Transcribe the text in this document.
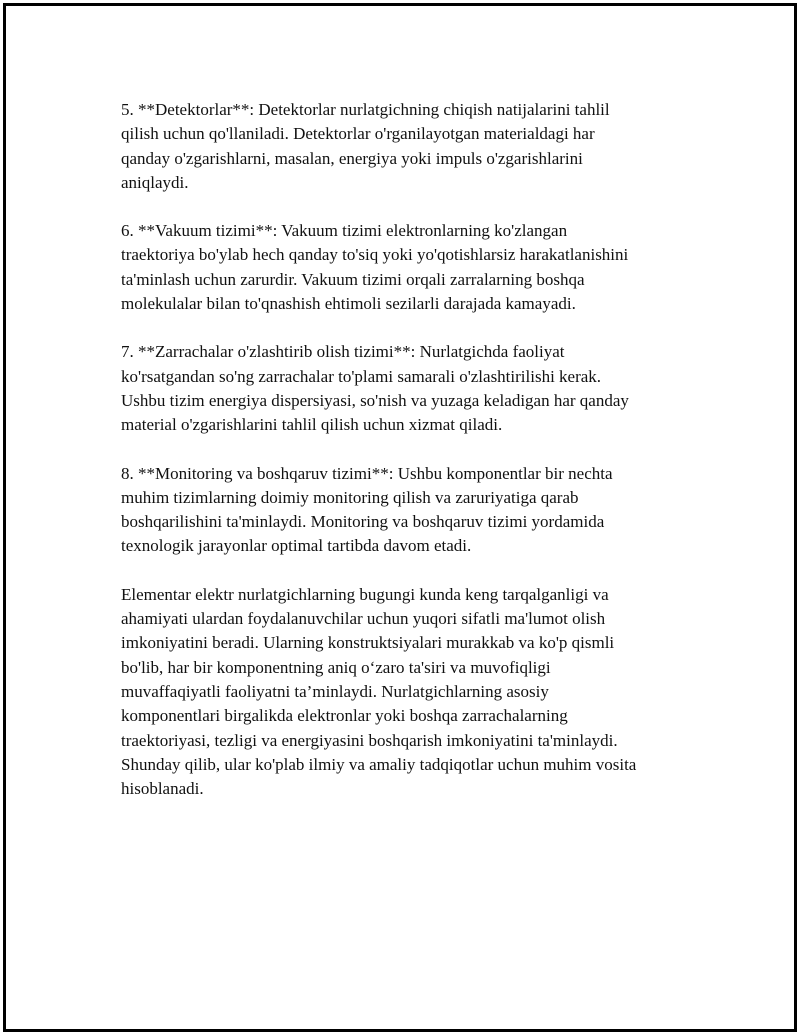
5. **Detektorlar**: Detektorlar nurlatgichning chiqish natijalarini tahlil
qilish uchun qo'llaniladi. Detektorlar o'rganilayotgan materialdagi har
qanday o'zgarishlarni, masalan, energiya yoki impuls o'zgarishlarini
aniqlaydi.

6. **Vakuum tizimi**: Vakuum tizimi elektronlarning ko'zlangan
traektoriya bo'ylab hech qanday to'siq yoki yo'qotishlarsiz harakatlanishini
ta'minlash uchun zarurdir. Vakuum tizimi orqali zarralarning boshqa
molekulalar bilan to'qnashish ehtimoli sezilarli darajada kamayadi.

7. **Zarrachalar o'zlashtirib olish tizimi**: Nurlatgichda faoliyat
ko'rsatgandan so'ng zarrachalar to'plami samarali o'zlashtirilishi kerak.
Ushbu tizim energiya dispersiyasi, so'nish va yuzaga keladigan har qanday
material o'zgarishlarini tahlil qilish uchun xizmat qiladi.

8. **Monitoring va boshqaruv tizimi**: Ushbu komponentlar bir nechta
muhim tizimlarning doimiy monitoring qilish va zaruriyatiga qarab
boshqarilishini ta'minlaydi. Monitoring va boshqaruv tizimi yordamida
texnologik jarayonlar optimal tartibda davom etadi.

Elementar elektr nurlatgichlarning bugungi kunda keng tarqalganligi va
ahamiyati ulardan foydalanuvchilar uchun yuqori sifatli ma'lumot olish
imkoniyatini beradi. Ularning konstruktsiyalari murakkab va ko'p qismli
bo'lib, har bir komponentning aniq o‘zaro ta'siri va muvofiqligi
muvaffaqiyatli faoliyatni ta’minlaydi. Nurlatgichlarning asosiy
komponentlari birgalikda elektronlar yoki boshqa zarrachalarning
traektoriyasi, tezligi va energiyasini boshqarish imkoniyatini ta'minlaydi.
Shunday qilib, ular ko'plab ilmiy va amaliy tadqiqotlar uchun muhim vosita
hisoblanadi.
